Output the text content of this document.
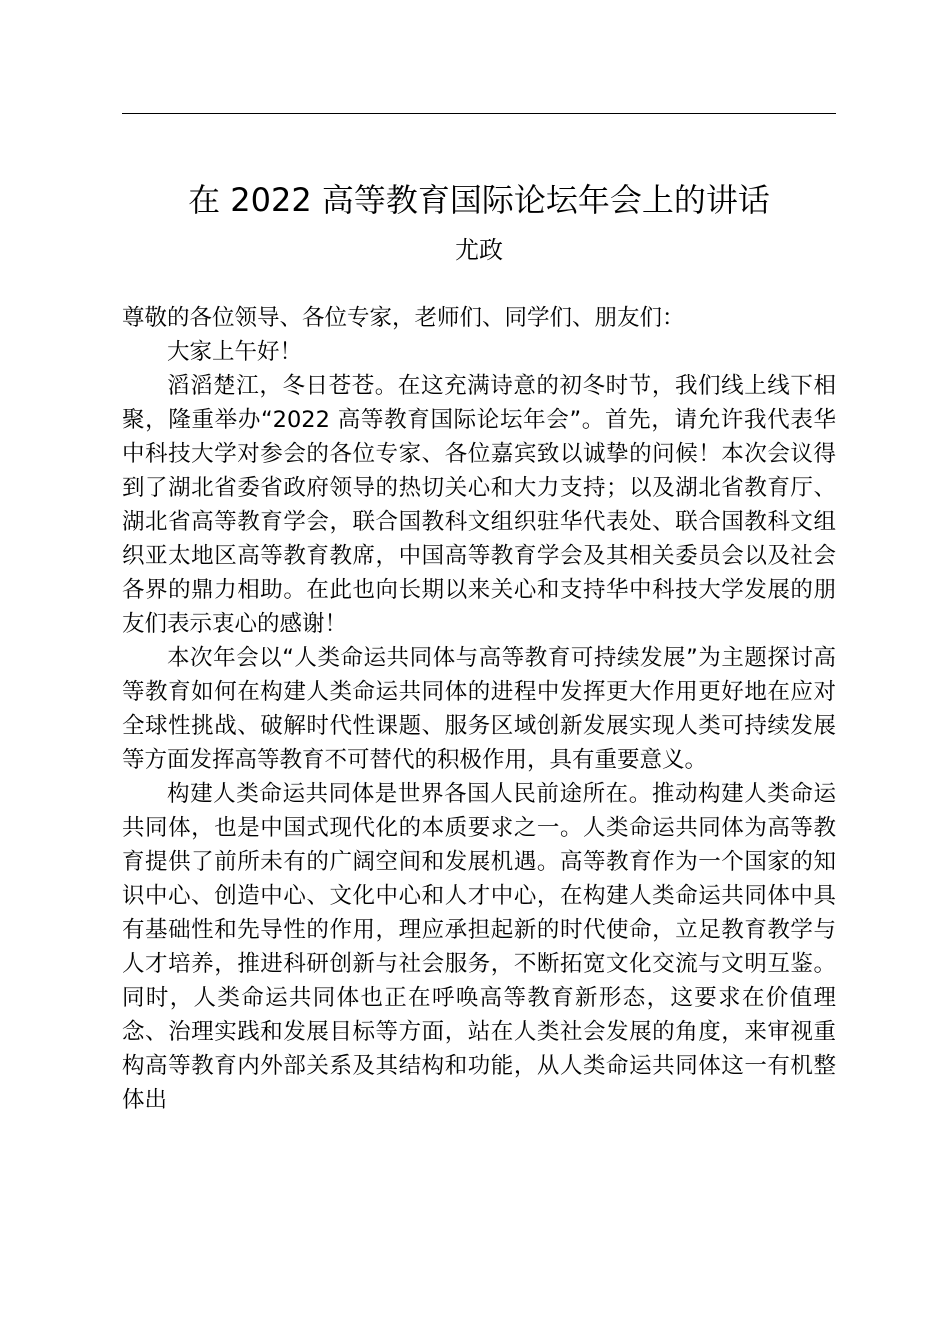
在 2022 高等教育国际论坛年会上的讲话
尤政

尊敬的各位领导、各位专家，老师们、同学们、朋友们：

大家上午好！

滔滔楚江，冬日苍苍。在这充满诗意的初冬时节，我们线上线下相聚，隆重举办“2022 高等教育国际论坛年会”。首先，请允许我代表华中科技大学对参会的各位专家、各位嘉宾致以诚挚的问候！本次会议得到了湖北省委省政府领导的热切关心和大力支持；以及湖北省教育厅、湖北省高等教育学会，联合国教科文组织驻华代表处、联合国教科文组织亚太地区高等教育教席，中国高等教育学会及其相关委员会以及社会各界的鼎力相助。在此也向长期以来关心和支持华中科技大学发展的朋友们表示衷心的感谢！

本次年会以“人类命运共同体与高等教育可持续发展”为主题探讨高等教育如何在构建人类命运共同体的进程中发挥更大作用更好地在应对全球性挑战、破解时代性课题、服务区域创新发展实现人类可持续发展等方面发挥高等教育不可替代的积极作用，具有重要意义。

构建人类命运共同体是世界各国人民前途所在。推动构建人类命运共同体，也是中国式现代化的本质要求之一。人类命运共同体为高等教育提供了前所未有的广阔空间和发展机遇。高等教育作为一个国家的知识中心、创造中心、文化中心和人才中心，在构建人类命运共同体中具有基础性和先导性的作用，理应承担起新的时代使命，立足教育教学与人才培养，推进科研创新与社会服务，不断拓宽文化交流与文明互鉴。同时，人类命运共同体也正在呼唤高等教育新形态，这要求在价值理念、治理实践和发展目标等方面，站在人类社会发展的角度，来审视重构高等教育内外部关系及其结构和功能，从人类命运共同体这一有机整体出
